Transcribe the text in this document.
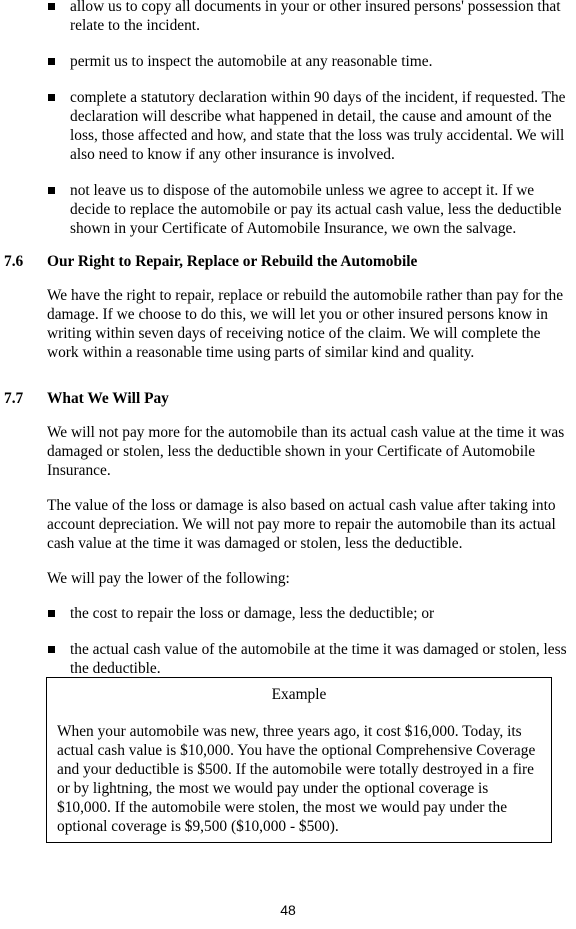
allow us to copy all documents in your or other insured persons' possession that relate to the incident.
permit us to inspect the automobile at any reasonable time.
complete a statutory declaration within 90 days of the incident, if requested. The declaration will describe what happened in detail, the cause and amount of the loss, those affected and how, and state that the loss was truly accidental. We will also need to know if any other insurance is involved.
not leave us to dispose of the automobile unless we agree to accept it. If we decide to replace the automobile or pay its actual cash value, less the deductible shown in your Certificate of Automobile Insurance, we own the salvage.
7.6 Our Right to Repair, Replace or Rebuild the Automobile
We have the right to repair, replace or rebuild the automobile rather than pay for the damage. If we choose to do this, we will let you or other insured persons know in writing within seven days of receiving notice of the claim. We will complete the work within a reasonable time using parts of similar kind and quality.
7.7 What We Will Pay
We will not pay more for the automobile than its actual cash value at the time it was damaged or stolen, less the deductible shown in your Certificate of Automobile Insurance.
The value of the loss or damage is also based on actual cash value after taking into account depreciation. We will not pay more to repair the automobile than its actual cash value at the time it was damaged or stolen, less the deductible.
We will pay the lower of the following:
the cost to repair the loss or damage, less the deductible; or
the actual cash value of the automobile at the time it was damaged or stolen, less the deductible.
Example
When your automobile was new, three years ago, it cost $16,000. Today, its actual cash value is $10,000. You have the optional Comprehensive Coverage and your deductible is $500. If the automobile were totally destroyed in a fire or by lightning, the most we would pay under the optional coverage is $10,000. If the automobile were stolen, the most we would pay under the optional coverage is $9,500 ($10,000 - $500).
48
